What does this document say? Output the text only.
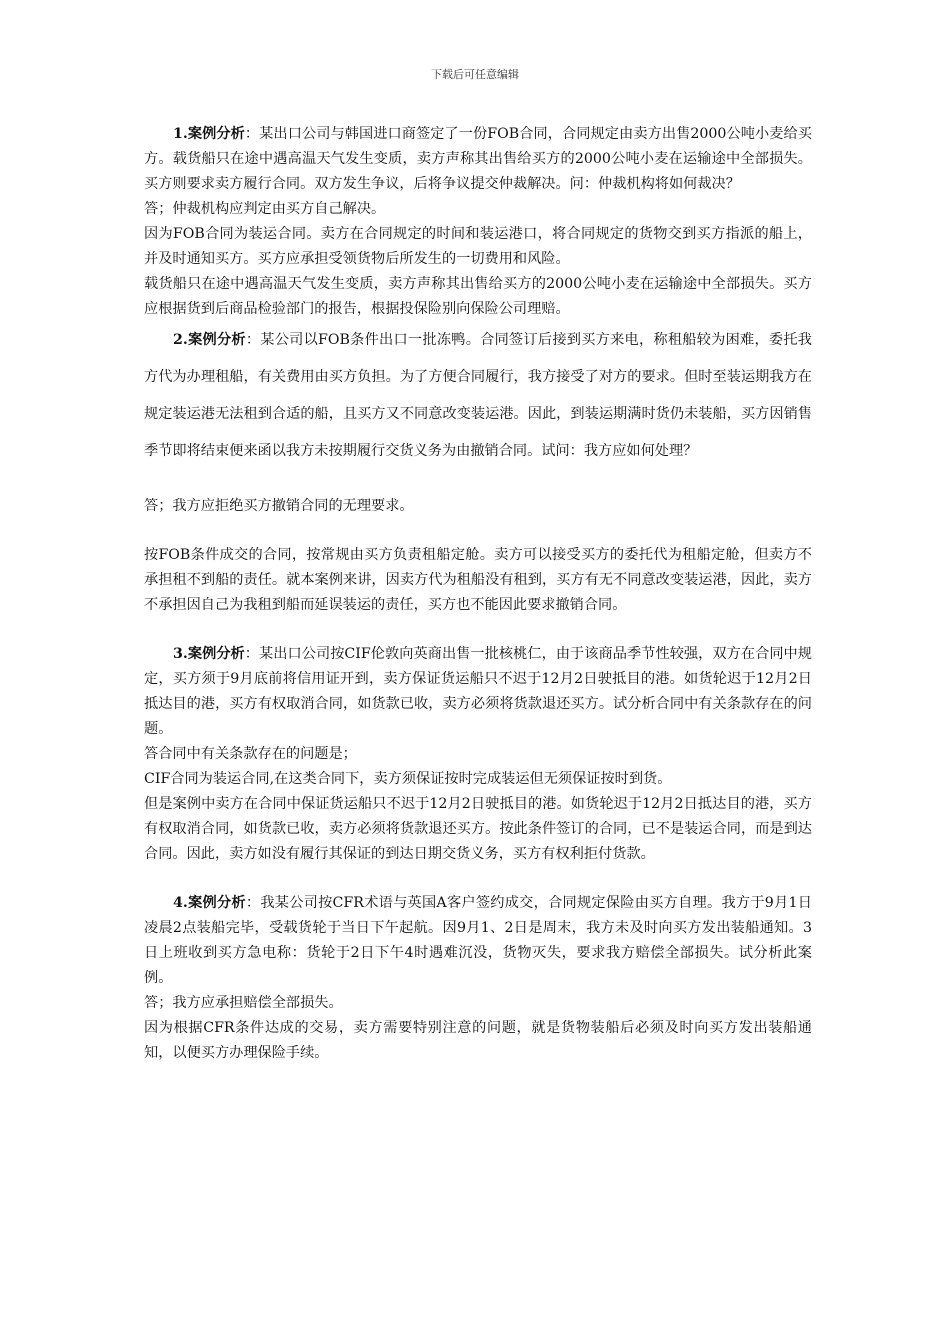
下载后可任意编辑

1.案例分析：某出口公司与韩国进口商签定了一份FOB合同，合同规定由卖方出售2000公吨小麦给买方。载货船只在途中遇高温天气发生变质，卖方声称其出售给买方的2000公吨小麦在运输途中全部损失。买方则要求卖方履行合同。双方发生争议，后将争议提交仲裁解决。问：仲裁机构将如何裁决？

答；仲裁机构应判定由买方自己解决。

因为FOB合同为装运合同。卖方在合同规定的时间和装运港口，将合同规定的货物交到买方指派的船上，并及时通知买方。买方应承担受领货物后所发生的一切费用和风险。

载货船只在途中遇高温天气发生变质，卖方声称其出售给买方的2000公吨小麦在运输途中全部损失。买方应根据货到后商品检验部门的报告，根据投保险别向保险公司理赔。

2.案例分析：某公司以FOB条件出口一批冻鸭。合同签订后接到买方来电，称租船较为困难，委托我方代为办理租船，有关费用由买方负担。为了方便合同履行，我方接受了对方的要求。但时至装运期我方在规定装运港无法租到合适的船，且买方又不同意改变装运港。因此，到装运期满时货仍未装船，买方因销售季节即将结束便来函以我方未按期履行交货义务为由撤销合同。试问：我方应如何处理？

答；我方应拒绝买方撤销合同的无理要求。

按FOB条件成交的合同，按常规由买方负责租船定舱。卖方可以接受买方的委托代为租船定舱，但卖方不承担租不到船的责任。就本案例来讲，因卖方代为租船没有租到，买方有无不同意改变装运港，因此，卖方不承担因自己为我租到船而延误装运的责任，买方也不能因此要求撤销合同。

3.案例分析：某出口公司按CIF伦敦向英商出售一批核桃仁，由于该商品季节性较强，双方在合同中规定，买方须于9月底前将信用证开到，卖方保证货运船只不迟于12月2日驶抵目的港。如货轮迟于12月2日抵达目的港，买方有权取消合同，如货款已收，卖方必须将货款退还买方。试分析合同中有关条款存在的问题。

答合同中有关条款存在的问题是；

CIF合同为装运合同,在这类合同下，卖方须保证按时完成装运但无须保证按时到货。

但是案例中卖方在合同中保证货运船只不迟于12月2日驶抵目的港。如货轮迟于12月2日抵达目的港，买方有权取消合同，如货款已收，卖方必须将货款退还买方。按此条件签订的合同，已不是装运合同，而是到达合同。因此，卖方如没有履行其保证的到达日期交货义务，买方有权利拒付货款。

4.案例分析：我某公司按CFR术语与英国A客户签约成交，合同规定保险由买方自理。我方于9月1日凌晨2点装船完毕，受载货轮于当日下午起航。因9月1、2日是周末，我方未及时向买方发出装船通知。3日上班收到买方急电称：货轮于2日下午4时遇难沉没，货物灭失，要求我方赔偿全部损失。试分析此案例。

答；我方应承担赔偿全部损失。

因为根据CFR条件达成的交易，卖方需要特别注意的问题，就是货物装船后必须及时向买方发出装船通知，以便买方办理保险手续。
